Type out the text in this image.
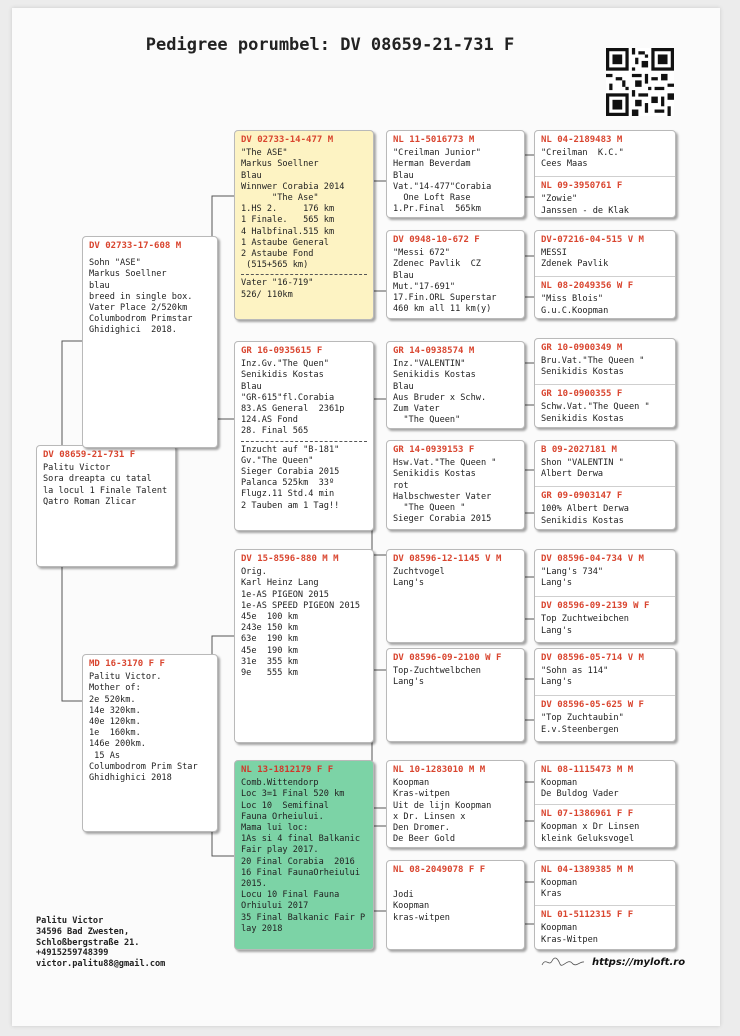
Pedigree porumbel: DV 08659-21-731 F
DV 08659-21-731 F
Palitu Victor
Sora dreapta cu tatal
la locul 1 Finale Talent
Qatro Roman Zlicar
DV 02733-17-608 M
Sohn "ASE"
Markus Soellner
blau
breed in single box.
Vater Place 2/520km
Columbodrom Primstar
Ghidighici  2018.
MD 16-3170 F F
Palitu Victor.
Mother of:
2e 520km.
14e 320km.
40e 120km.
1e  160km.
146e 200km.
15 As
Columbodrom Prim Star
Ghidhighici 2018
DV 02733-14-477 M
"The ASE"
Markus Soellner
Blau
Winnwer Corabia 2014
"The Ase"
1.HS 2.     176 km
1 Finale.   565 km
4 Halbfinal.515 km
1 Astaube General
2 Astaube Fond
(515+565 km)
Vater "16-719"
526/ 110km
GR 16-0935615 F
Inz.Gv."The Quen"
Senikidis Kostas
Blau
"GR-615"fl.Corabia
83.AS General  2361p
124.AS Fond
28. Final 565
Inzucht auf "B-181"
Gv."The Queen"
Sieger Corabia 2015
Palanca 525km  33º
Flugz.11 Std.4 min
2 Tauben am 1 Tag!!
DV 15-8596-880 M M
Orig.
Karl Heinz Lang
1e-AS PIGEON 2015
1e-AS SPEED PIGEON 2015
45e  100 km
243e 150 km
63e  190 km
45e  190 km
31e  355 km
9e   555 km
NL 13-1812179 F F
Comb.Wittendorp
Loc 3=1 Final 520 km
Loc 10  Semifinal
Fauna Orheiului.
Mama lui loc:
1As si 4 final Balkanic
Fair play 2017.
20 Final Corabia  2016
16 Final FaunaOrheiului
2015.
Locu 10 Final Fauna
Orhiului 2017
35 Final Balkanic Fair P
lay 2018
NL 11-5016773 M
"Creilman Junior"
Herman Beverdam
Blau
Vat."14-477"Corabia
One Loft Rase
1.Pr.Final  565km
DV 0948-10-672 F
"Messi 672"
Zdenec Pavlik  CZ
Blau
Mut."17-691"
17.Fin.ORL Superstar
460 km all 11 km(y)
GR 14-0938574 M
Inz."VALENTIN"
Senikidis Kostas
Blau
Aus Bruder x Schw.
Zum Vater
"The Queen"
GR 14-0939153 F
Hsw.Vat."The Queen "
Senikidis Kostas
rot
Halbschwester Vater
"The Queen "
Sieger Corabia 2015
DV 08596-12-1145 V M
Zuchtvogel
Lang's
DV 08596-09-2100 W F
Top-Zuchtwelbchen
Lang's
NL 10-1283010 M M
Koopman
Kras-witpen
Uit de lijn Koopman
x Dr. Linsen x
Den Dromer.
De Beer Gold
NL 08-2049078 F F
Jodi
Koopman
kras-witpen
NL 04-2189483 M
"Creilman  K.C."
Cees Maas
NL 09-3950761 F
"Zowie"
Janssen - de Klak
DV-07216-04-515 V M
MESSI
Zdenek Pavlik
NL 08-2049356 W F
"Miss Blois"
G.u.C.Koopman
GR 10-0900349 M
Bru.Vat."The Queen "
Senikidis Kostas
GR 10-0900355 F
Schw.Vat."The Queen "
Senikidis Kostas
B 09-2027181 M
Shon "VALENTIN "
Albert Derwa
GR 09-0903147 F
100% Albert Derwa
Senikidis Kostas
DV 08596-04-734 V M
"Lang's 734"
Lang's
DV 08596-09-2139 W F
Top Zuchtweibchen
Lang's
DV 08596-05-714 V M
"Sohn as 114"
Lang's
DV 08596-05-625 W F
"Top Zuchtaubin"
E.v.Steenbergen
NL 08-1115473 M M
Koopman
De Buldog Vader
NL 07-1386961 F F
Koopman x Dr Linsen
kleink Geluksvogel
NL 04-1389385 M M
Koopman
Kras
NL 01-5112315 F F
Koopman
Kras-Witpen
Palitu Victor
34596 Bad Zwesten,
Schloßbergstraße 21.
+4915259748399
victor.palitu88@gmail.com	https://myloft.ro
